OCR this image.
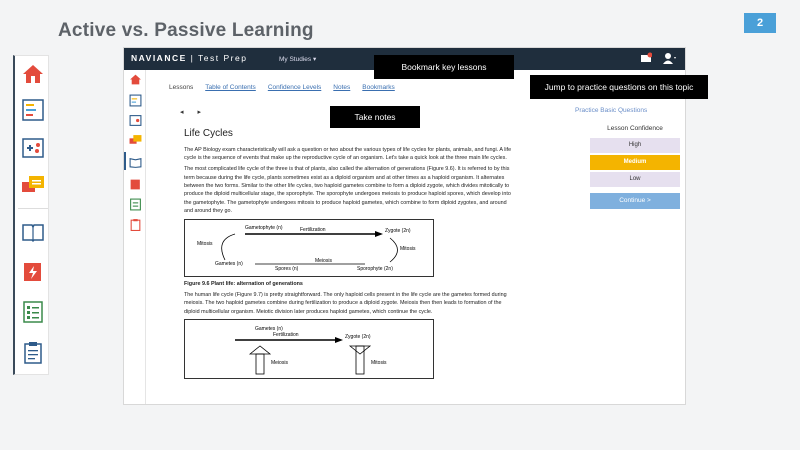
Active vs. Passive Learning	2
NAVIANCE | Test Prep	My Studies ▾
Lessons Table of Contents Confidence Levels Notes Bookmarks
◂ ▸	Practice Basic Questions
Life Cycles

The AP Biology exam characteristically will ask a question or two about the various types of life cycles for plants, animals, and fungi. A life cycle is the sequence of events that make up the reproductive cycle of an organism. Let's take a quick look at the three main life cycles.

The most complicated life cycle of the three is that of plants, also called the alternation of generations (Figure 9.6). It is referred to by this term because during the life cycle, plants sometimes exist as a diploid organism and at other times as a haploid organism. It alternates between the two forms. Similar to the other life cycles, two haploid gametes combine to form a diploid zygote, which divides mitotically to produce the diploid multicellular stage, the sporophyte. The sporophyte undergoes meiosis to produce haploid spores, which develop into the gametophyte. The gametophyte undergoes mitosis to produce haploid gametes, which combine to form diploid zygotes, and around and around they go.

Gametophyte (n)	Fertilization	Zygote (2n)
Mitosis
Mitosis
Gametes (n)
Spores (n)
Meiosis
Sporophyte (2n)

Figure 9.6 Plant life: alternation of generations

The human life cycle (Figure 9.7) is pretty straightforward. The only haploid cells present in the life cycle are the gametes formed during meiosis. The two haploid gametes combine during fertilization to produce a diploid zygote. Meiosis then then leads to formation of the diploid multicellular organism. Meiotic division later produces haploid gametes, which continue the cycle.

Gametes (n)
Fertilization	Zygote (2n)
Meiosis	Mitosis
Lesson Confidence
High
Medium
Low
Continue >
Bookmark key lessons
Jump to practice questions on this topic
Take notes
